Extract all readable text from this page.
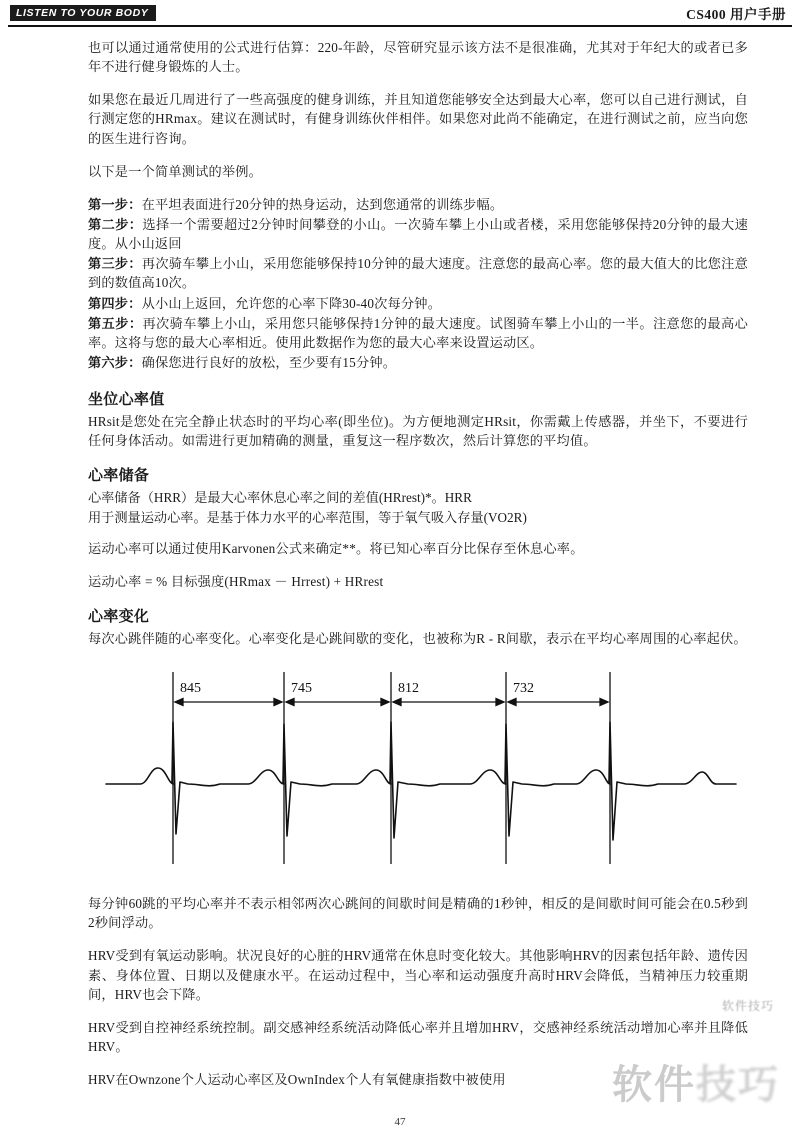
LISTEN TO YOUR BODY	CS400 用户手册

也可以通过通常使用的公式进行估算：220-年龄，尽管研究显示该方法不是很准确，尤其对于年纪大的或者已多年不进行健身锻炼的人士。

如果您在最近几周进行了一些高强度的健身训练，并且知道您能够安全达到最大心率，您可以自己进行测试，自行测定您的HRmax。建议在测试时，有健身训练伙伴相伴。如果您对此尚不能确定，在进行测试之前，应当向您的医生进行咨询。

以下是一个简单测试的举例。

第一步：在平坦表面进行20分钟的热身运动，达到您通常的训练步幅。
第二步：选择一个需要超过2分钟时间攀登的小山。一次骑车攀上小山或者楼，采用您能够保持20分钟的最大速度。从小山返回
第三步：再次骑车攀上小山，采用您能够保持10分钟的最大速度。注意您的最高心率。您的最大值大的比您注意到的数值高10次。
第四步：从小山上返回，允许您的心率下降30-40次每分钟。
第五步：再次骑车攀上小山，采用您只能够保持1分钟的最大速度。试图骑车攀上小山的一半。注意您的最高心率。这将与您的最大心率相近。使用此数据作为您的最大心率来设置运动区。
第六步：确保您进行良好的放松，至少要有15分钟。
坐位心率值

HRsit是您处在完全静止状态时的平均心率(即坐位)。为方便地测定HRsit，你需戴上传感器，并坐下，不要进行任何身体活动。如需进行更加精确的测量，重复这一程序数次，然后计算您的平均值。

心率储备
心率储备（HRR）是最大心率休息心率之间的差值(HRrest)*。HRR
用于测量运动心率。是基于体力水平的心率范围，等于氧气吸入存量(VO2R)

运动心率可以通过使用Karvonen公式来确定**。将已知心率百分比保存至休息心率。

运动心率 = % 目标强度(HRmax － Hrrest) + HRrest

心率变化

每次心跳伴随的心率变化。心率变化是心跳间歇的变化，也被称为R - R间歇，表示在平均心率周围的心率起伏。

845	745	812	732

每分钟60跳的平均心率并不表示相邻两次心跳间的间歇时间是精确的1秒钟，相反的是间歇时间可能会在0.5秒到2秒间浮动。

HRV受到有氧运动影响。状况良好的心脏的HRV通常在休息时变化较大。其他影响HRV的因素包括年龄、遗传因素、身体位置、日期以及健康水平。在运动过程中，当心率和运动强度升高时HRV会降低，当精神压力较重期间，HRV也会下降。

HRV受到自控神经系统控制。副交感神经系统活动降低心率并且增加HRV，交感神经系统活动增加心率并且降低HRV。

HRV在Ownzone个人运动心率区及OwnIndex个人有氧健康指数中被使用

软件技巧
软件技巧
47
